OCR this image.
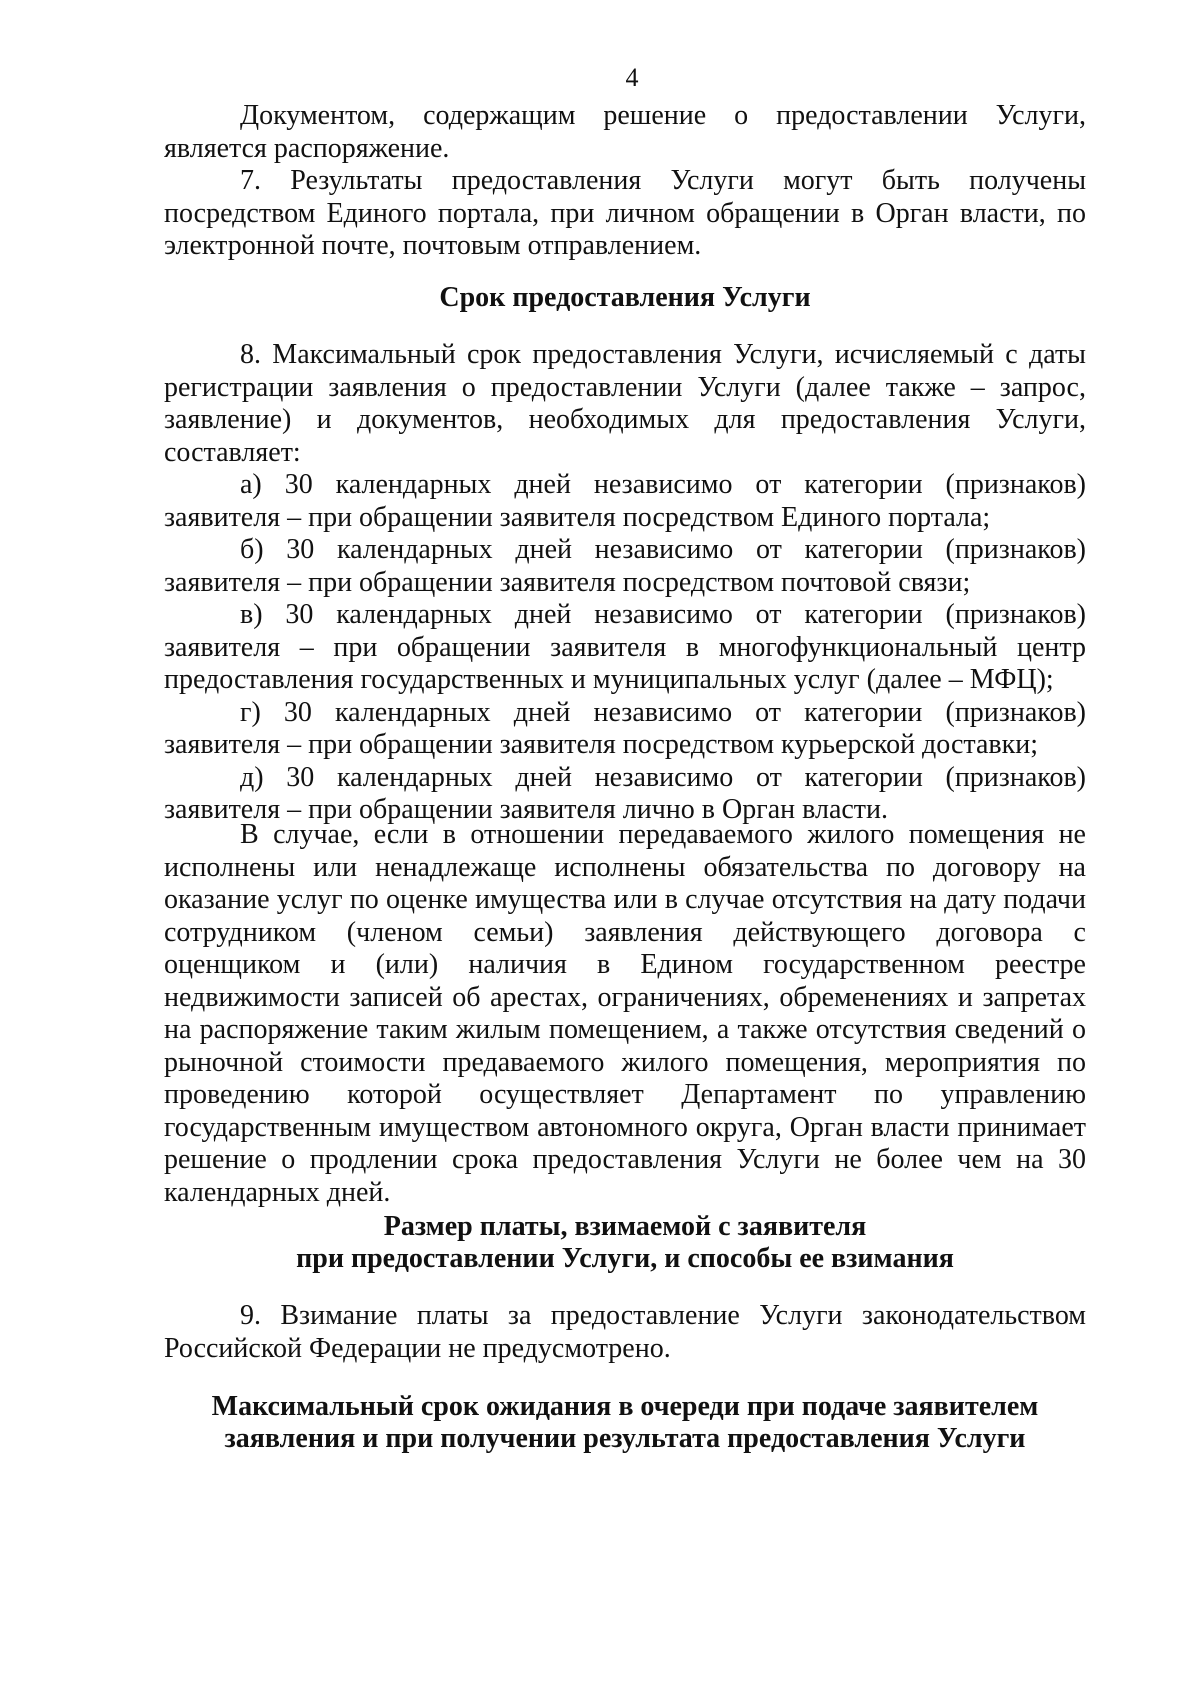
4

Документом, содержащим решение о предоставлении Услуги, является распоряжение.

7. Результаты предоставления Услуги могут быть получены посредством Единого портала, при личном обращении в Орган власти, по электронной почте, почтовым отправлением.

Срок предоставления Услуги

8. Максимальный срок предоставления Услуги, исчисляемый с даты регистрации заявления о предоставлении Услуги (далее также – запрос, заявление) и документов, необходимых для предоставления Услуги, составляет:

а) 30 календарных дней независимо от категории (признаков) заявителя – при обращении заявителя посредством Единого портала;

б) 30 календарных дней независимо от категории (признаков) заявителя – при обращении заявителя посредством почтовой связи;

в) 30 календарных дней независимо от категории (признаков) заявителя – при обращении заявителя в многофункциональный центр предоставления государственных и муниципальных услуг (далее – МФЦ);

г) 30 календарных дней независимо от категории (признаков) заявителя – при обращении заявителя посредством курьерской доставки;

д) 30 календарных дней независимо от категории (признаков) заявителя – при обращении заявителя лично в Орган власти.

В случае, если в отношении передаваемого жилого помещения не исполнены или ненадлежаще исполнены обязательства по договору на оказание услуг по оценке имущества или в случае отсутствия на дату подачи сотрудником (членом семьи) заявления действующего договора с оценщиком и (или) наличия в Едином государственном реестре недвижимости записей об арестах, ограничениях, обременениях и запретах на распоряжение таким жилым помещением, а также отсутствия сведений о рыночной стоимости предаваемого жилого помещения, мероприятия по проведению которой осуществляет Департамент по управлению государственным имуществом автономного округа, Орган власти принимает решение о продлении срока предоставления Услуги не более чем на 30 календарных дней.

Размер платы, взимаемой с заявителя
при предоставлении Услуги, и способы ее взимания

9. Взимание платы за предоставление Услуги законодательством Российской Федерации не предусмотрено.

Максимальный срок ожидания в очереди при подаче заявителем
заявления и при получении результата предоставления Услуги
